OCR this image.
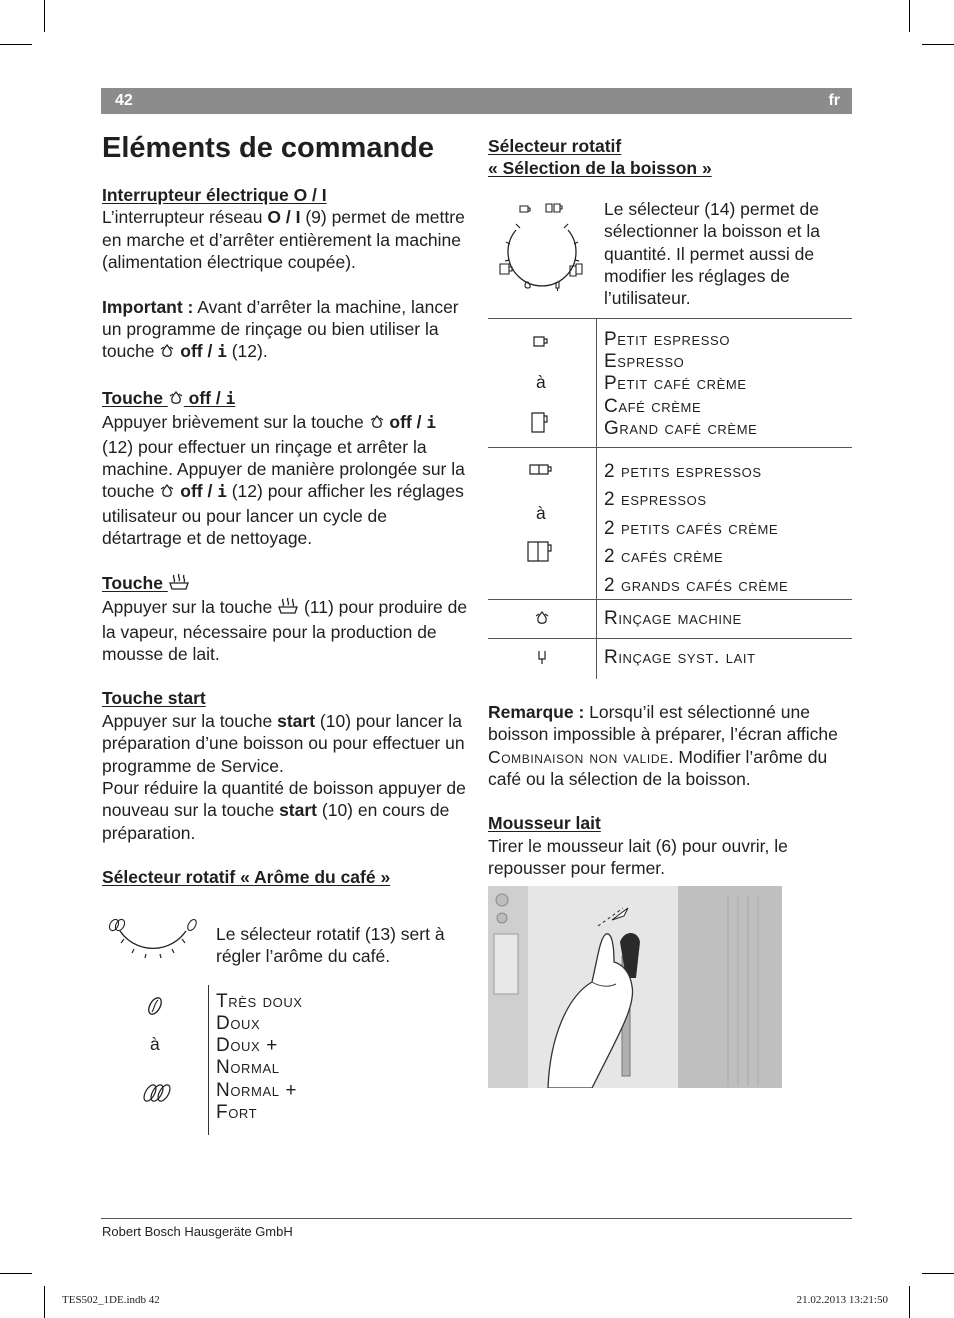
42	fr
Eléments de commande
Interrupteur électrique O / I

L’interrupteur réseau O / I (9) permet de mettre en marche et d’arrêter entièrement la machine (alimentation électrique coupée).

Important : Avant d’arrêter la machine, lancer un programme de rinçage ou bien utiliser la touche  off / i (12).

Touche  off / i

Appuyer brièvement sur la touche  off / i (12) pour effectuer un rinçage et arrêter la machine. Appuyer de manière prolongée sur la touche  off / i (12) pour afficher les réglages utilisateur ou pour lancer un cycle de détartrage et de nettoyage.

Touche

Appuyer sur la touche  (11) pour produire de la vapeur, nécessaire pour la production de mousse de lait.

Touche start

Appuyer sur la touche start (10) pour lancer la préparation d’une boisson ou pour effectuer un programme de Service.

Pour réduire la quantité de boisson appuyer de nouveau sur la touche start (10) en cours de préparation.

Sélecteur rotatif « Arôme du café »
Le sélecteur rotatif (13) sert à régler l’arôme du café.
à
Très doux
Doux
Doux +
Normal
Normal +
Fort
Sélecteur rotatif
« Sélection de la boisson »
Le sélecteur (14) permet de sélectionner la boisson et la quantité. Il permet aussi de modifier les réglages de l’utilisateur.
à
Petit espresso
Espresso
Petit café crème
Café crème
Grand café crème
à
2 petits espressos
2 espressos
2 petits cafés crème
2 cafés crème
2 grands cafés crème
Rinçage machine
Rinçage syst. lait

Remarque : Lorsqu’il est sélectionné une boisson impossible à préparer, l’écran affiche Combinaison non valide. Modifier l’arôme du café ou la sélection de la boisson.

Mousseur lait

Tirer le mousseur lait (6) pour ouvrir, le repousser pour fermer.

Robert Bosch Hausgeräte GmbH
TES502_1DE.indb 42	21.02.2013 13:21:50
